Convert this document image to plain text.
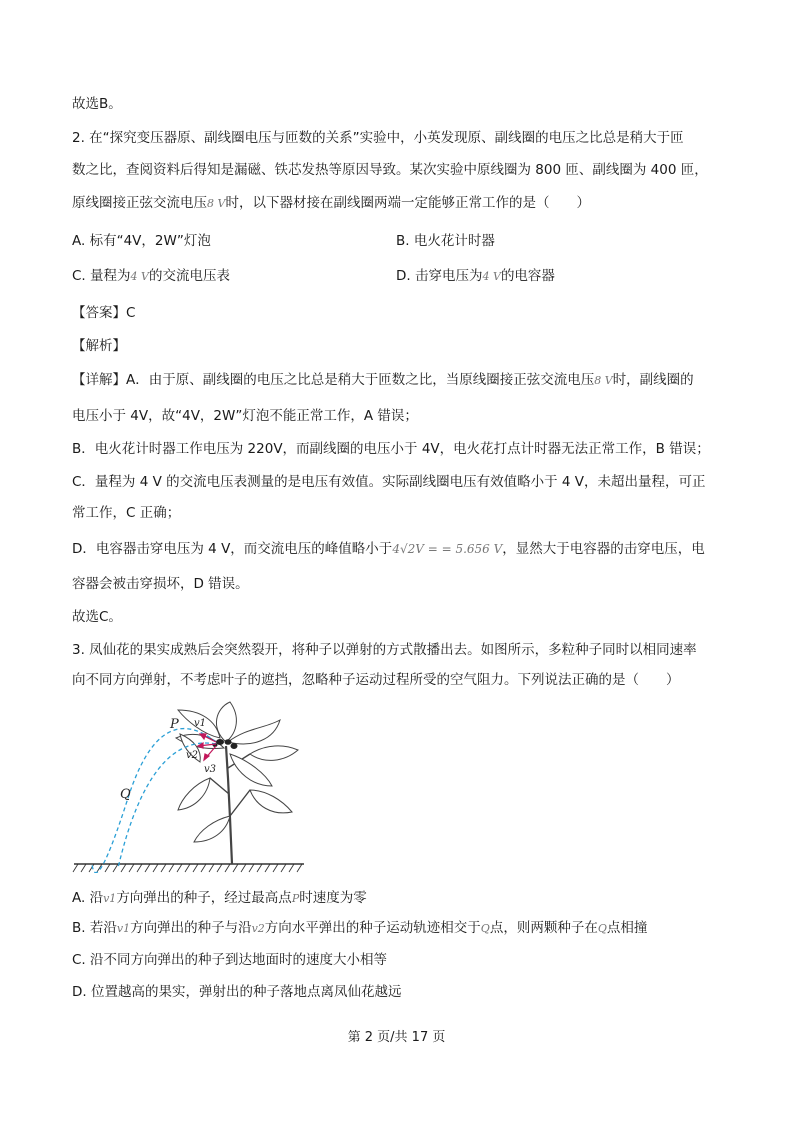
故选B。
2. 在“探究变压器原、副线圈电压与匝数的关系”实验中，小英发现原、副线圈的电压之比总是稍大于匝
数之比，查阅资料后得知是漏磁、铁芯发热等原因导致。某次实验中原线圈为 800 匝、副线圈为 400 匝，
原线圈接正弦交流电压8 V时，以下器材接在副线圈两端一定能够正常工作的是（　　）
A. 标有“4V，2W”灯泡	B. 电火花计时器
C. 量程为4 V的交流电压表	D. 击穿电压为4 V的电容器
【答案】C
【解析】
【详解】A．由于原、副线圈的电压之比总是稍大于匝数之比，当原线圈接正弦交流电压8 V时，副线圈的
电压小于 4V，故“4V，2W”灯泡不能正常工作，A 错误；
B．电火花计时器工作电压为 220V，而副线圈的电压小于 4V，电火花打点计时器无法正常工作，B 错误；
C．量程为 4 V 的交流电压表测量的是电压有效值。实际副线圈电压有效值略小于 4 V，未超出量程，可正
常工作，C 正确；
D．电容器击穿电压为 4 V，而交流电压的峰值略小于4√2V = = 5.656 V，显然大于电容器的击穿电压，电
容器会被击穿损坏，D 错误。
故选C。
3. 凤仙花的果实成熟后会突然裂开，将种子以弹射的方式散播出去。如图所示，多粒种子同时以相同速率
向不同方向弹射，不考虑叶子的遮挡，忽略种子运动过程所受的空气阻力。下列说法正确的是（　　）
P
Q
v1
v2
v3
A. 沿v1方向弹出的种子，经过最高点P时速度为零
B. 若沿v1方向弹出的种子与沿v2方向水平弹出的种子运动轨迹相交于Q点，则两颗种子在Q点相撞
C. 沿不同方向弹出的种子到达地面时的速度大小相等
D. 位置越高的果实，弹射出的种子落地点离凤仙花越远
第 2 页/共 17 页
